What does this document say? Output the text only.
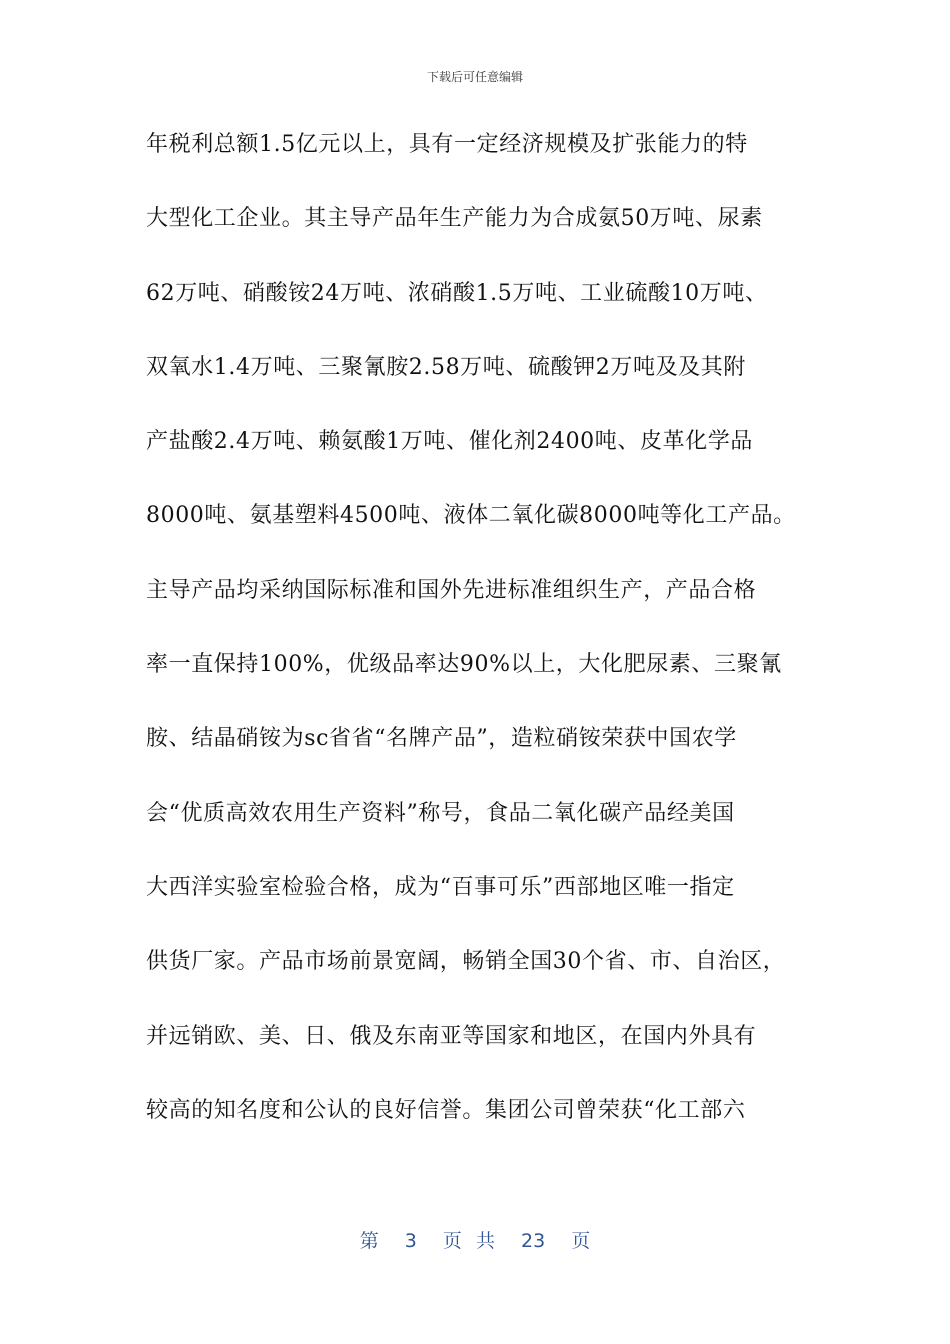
下载后可任意编辑
年税利总额1.5亿元以上，具有一定经济规模及扩张能力的特
大型化工企业。其主导产品年生产能力为合成氨50万吨、尿素
62万吨、硝酸铵24万吨、浓硝酸1.5万吨、工业硫酸10万吨、
双氧水1.4万吨、三聚氰胺2.58万吨、硫酸钾2万吨及及其附
产盐酸2.4万吨、赖氨酸1万吨、催化剂2400吨、皮革化学品
8000吨、氨基塑料4500吨、液体二氧化碳8000吨等化工产品。
主导产品均采纳国际标准和国外先进标准组织生产，产品合格
率一直保持100%，优级品率达90%以上，大化肥尿素、三聚氰
胺、结晶硝铵为sc省省“名牌产品”，造粒硝铵荣获中国农学
会“优质高效农用生产资料”称号，食品二氧化碳产品经美国
大西洋实验室检验合格，成为“百事可乐”西部地区唯一指定
供货厂家。产品市场前景宽阔，畅销全国30个省、市、自治区，
并远销欧、美、日、俄及东南亚等国家和地区，在国内外具有
较高的知名度和公认的良好信誉。集团公司曾荣获“化工部六
第 3 页 共 23 页
